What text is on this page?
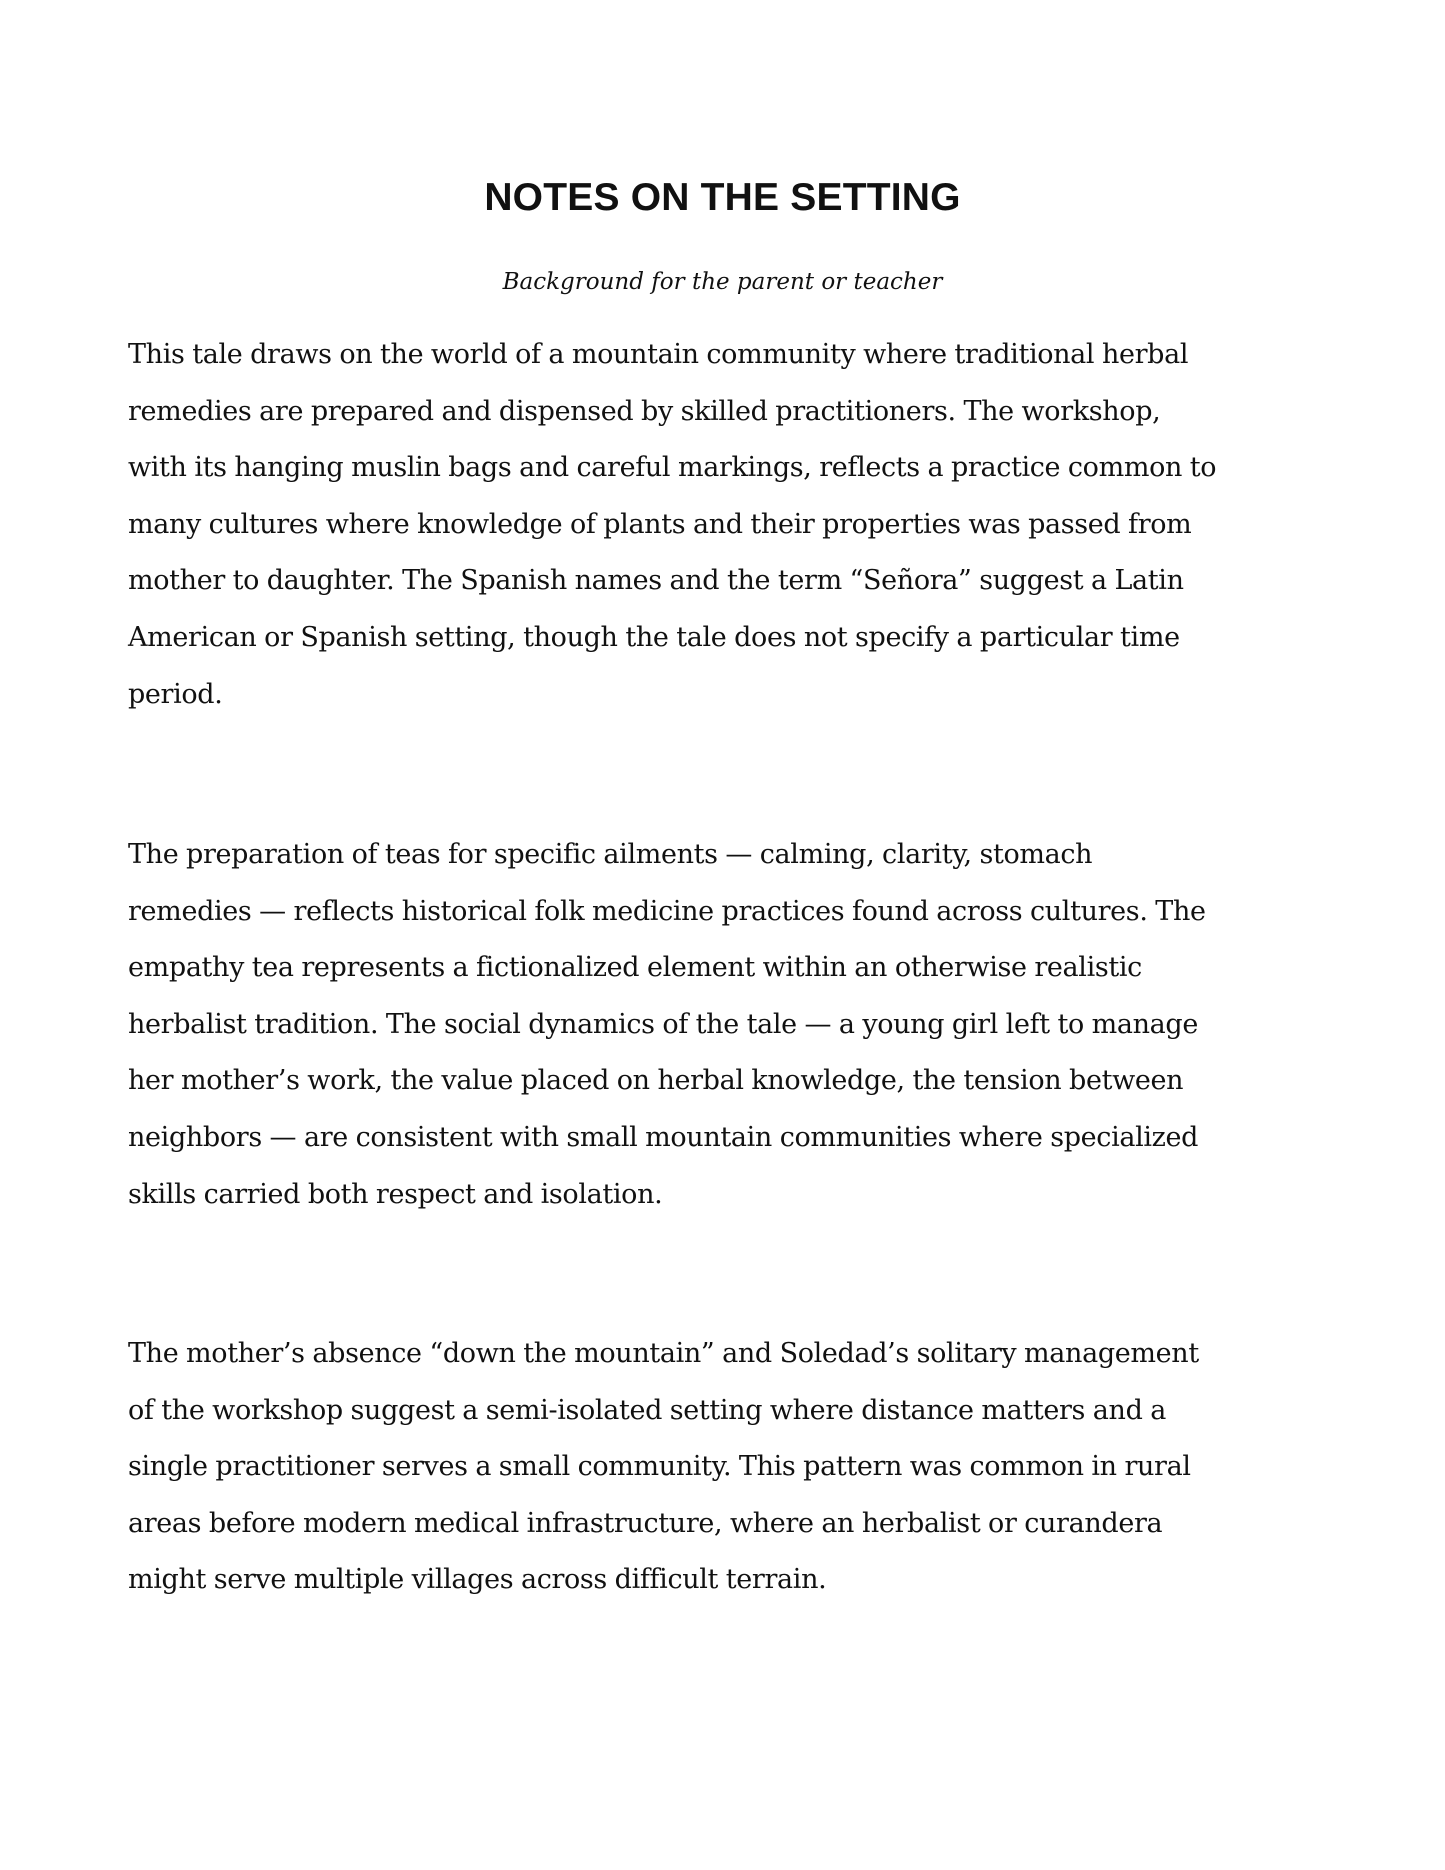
NOTES ON THE SETTING

Background for the parent or teacher

This tale draws on the world of a mountain community where traditional herbal
remedies are prepared and dispensed by skilled practitioners. The workshop,
with its hanging muslin bags and careful markings, reflects a practice common to
many cultures where knowledge of plants and their properties was passed from
mother to daughter. The Spanish names and the term “Señora” suggest a Latin
American or Spanish setting, though the tale does not specify a particular time
period.

The preparation of teas for specific ailments — calming, clarity, stomach
remedies — reflects historical folk medicine practices found across cultures. The
empathy tea represents a fictionalized element within an otherwise realistic
herbalist tradition. The social dynamics of the tale — a young girl left to manage
her mother’s work, the value placed on herbal knowledge, the tension between
neighbors — are consistent with small mountain communities where specialized
skills carried both respect and isolation.

The mother’s absence “down the mountain” and Soledad’s solitary management
of the workshop suggest a semi-isolated setting where distance matters and a
single practitioner serves a small community. This pattern was common in rural
areas before modern medical infrastructure, where an herbalist or curandera
might serve multiple villages across difficult terrain.
